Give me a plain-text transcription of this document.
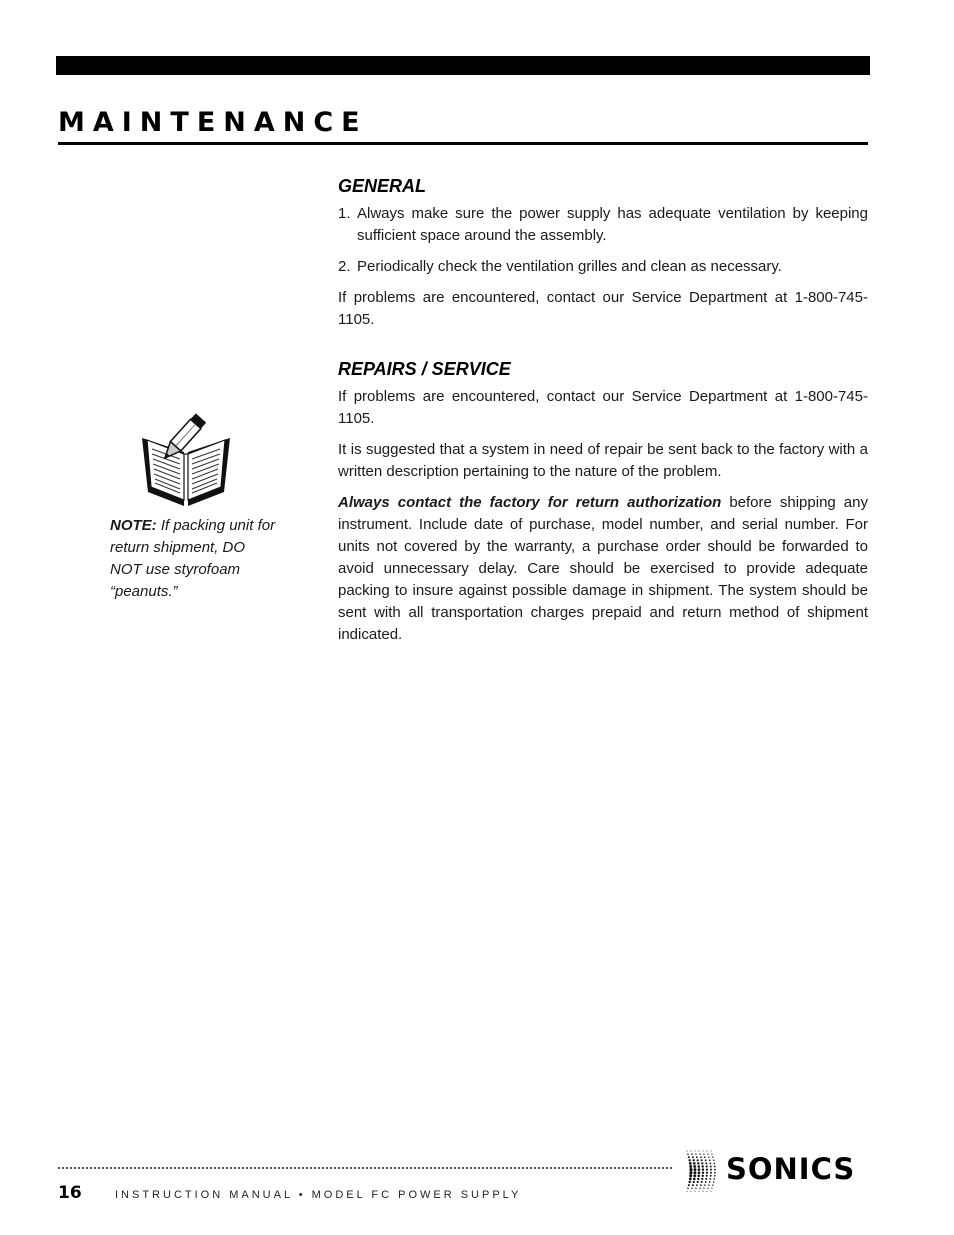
MAINTENANCE
GENERAL
1. Always make sure the power supply has adequate ventilation by keeping sufficient space around the assembly.
2. Periodically check the ventilation grilles and clean as necessary.

If problems are encountered, contact our Service Department at 1-800-745-1105.

REPAIRS / SERVICE

If problems are encountered, contact our Service Department at 1-800-745-1105.

It is suggested that a system in need of repair be sent back to the factory with a written description pertaining to the nature of the problem.

Always contact the factory for return authorization before shipping any instrument. Include date of purchase, model number, and serial number. For units not covered by the warranty, a purchase order should be forwarded to avoid unnecessary delay. Care should be exercised to provide adequate packing to insure against possible damage in shipment. The system should be sent with all transportation charges prepaid and return method of shipment indicated.

NOTE: If packing unit for return shipment, DO NOT use styrofoam “peanuts.”

16	INSTRUCTION MANUAL • MODEL FC POWER SUPPLY
SONICS
